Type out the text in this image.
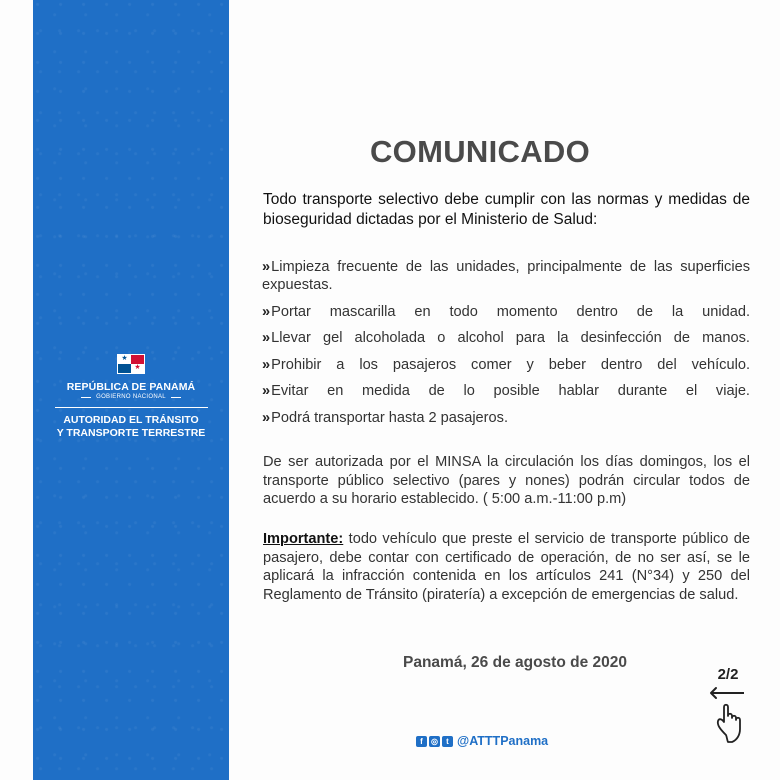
★
★
REPÚBLICA DE PANAMÁ
GOBIERNO NACIONAL
AUTORIDAD EL TRÁNSITO
Y TRANSPORTE TERRESTRE
COMUNICADO
Todo transporte selectivo debe cumplir con las normas y medidas de bioseguridad dictadas por el Ministerio de Salud:
»Limpieza frecuente de las unidades, principalmente de las superficies expuestas.
»Portar mascarilla en todo momento dentro de la unidad.
»Llevar gel alcoholada o alcohol para la desinfección de manos.
»Prohibir a los pasajeros comer y beber dentro del vehículo.
»Evitar en medida de lo posible hablar durante el viaje.
»Podrá transportar hasta 2 pasajeros.
De ser autorizada por el MINSA la circulación los días domingos, los el transporte público selectivo (pares y nones) podrán circular todos de acuerdo a su horario establecido. ( 5:00 a.m.-11:00 p.m)
Importante: todo vehículo que preste el servicio de transporte público de pasajero, debe contar con certificado de operación, de no ser así, se le aplicará la infracción contenida en los artículos 241 (N°34) y 250 del Reglamento de Tránsito (piratería) a excepción de emergencias de salud.
Panamá, 26 de agosto de 2020
2/2
f	◎	t @ATTTPanama
